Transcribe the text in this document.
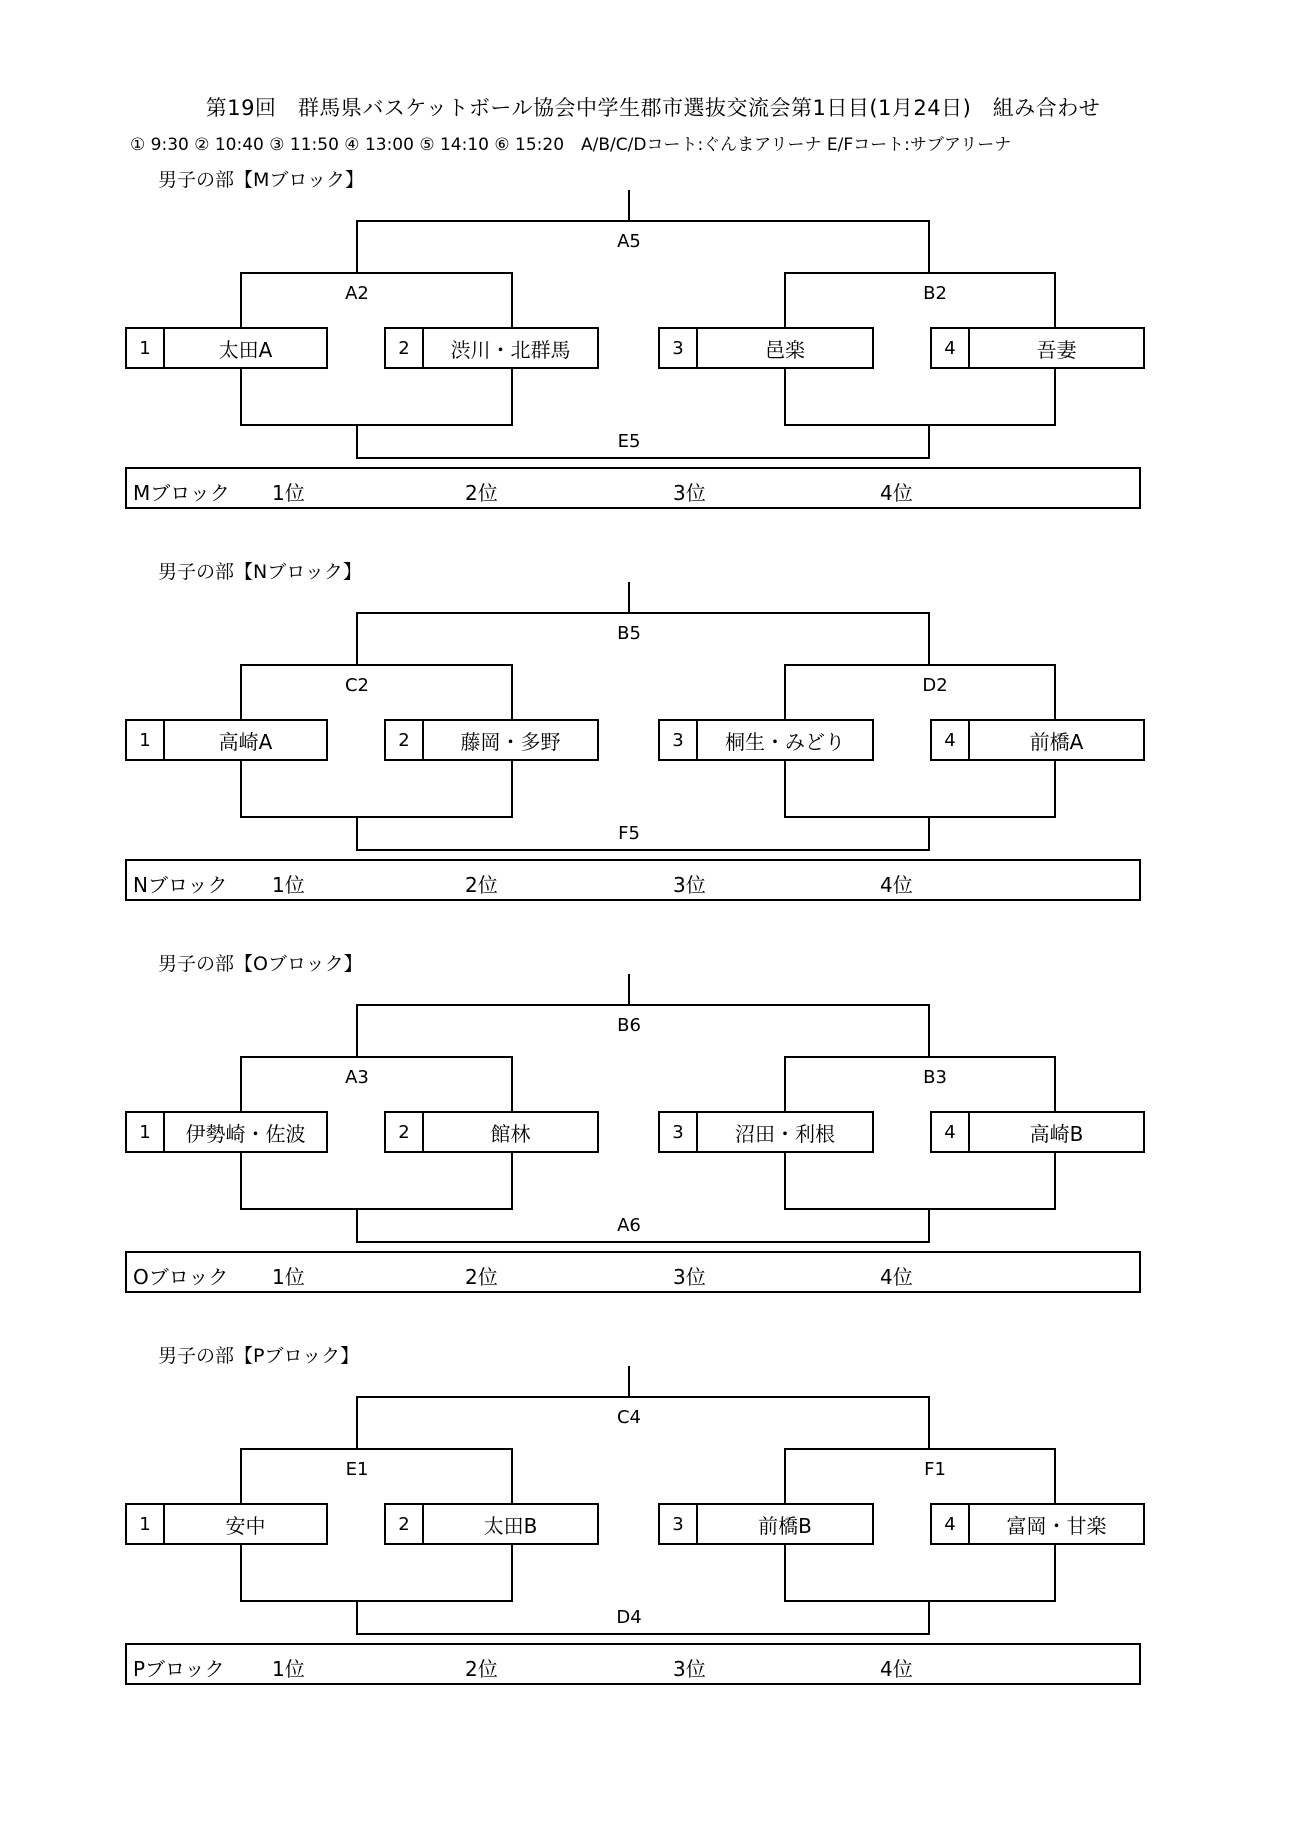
第19回　群馬県バスケットボール協会中学生郡市選抜交流会第1日目(1月24日)　組み合わせ
① 9:30 ② 10:40 ③ 11:50 ④ 13:00 ⑤ 14:10 ⑥ 15:20　A/B/C/Dコート:ぐんまアリーナ E/Fコート:サブアリーナ
男子の部【Mブロック】
A5
A2	B2
E5
1	太田A	2	渋川・北群馬	3	邑楽	4	吾妻
Mブロック 1位	2位	3位	4位
男子の部【Nブロック】
B5
C2	D2
F5
1	高崎A	2	藤岡・多野	3	桐生・みどり	4	前橋A
Nブロック 1位	2位	3位	4位
男子の部【Oブロック】
B6
A3	B3
A6
1	伊勢崎・佐波	2	館林	3	沼田・利根	4	高崎B
Oブロック 1位	2位	3位	4位
男子の部【Pブロック】
C4
E1	F1
D4
1	安中	2	太田B	3	前橋B	4	富岡・甘楽
Pブロック 1位	2位	3位	4位
